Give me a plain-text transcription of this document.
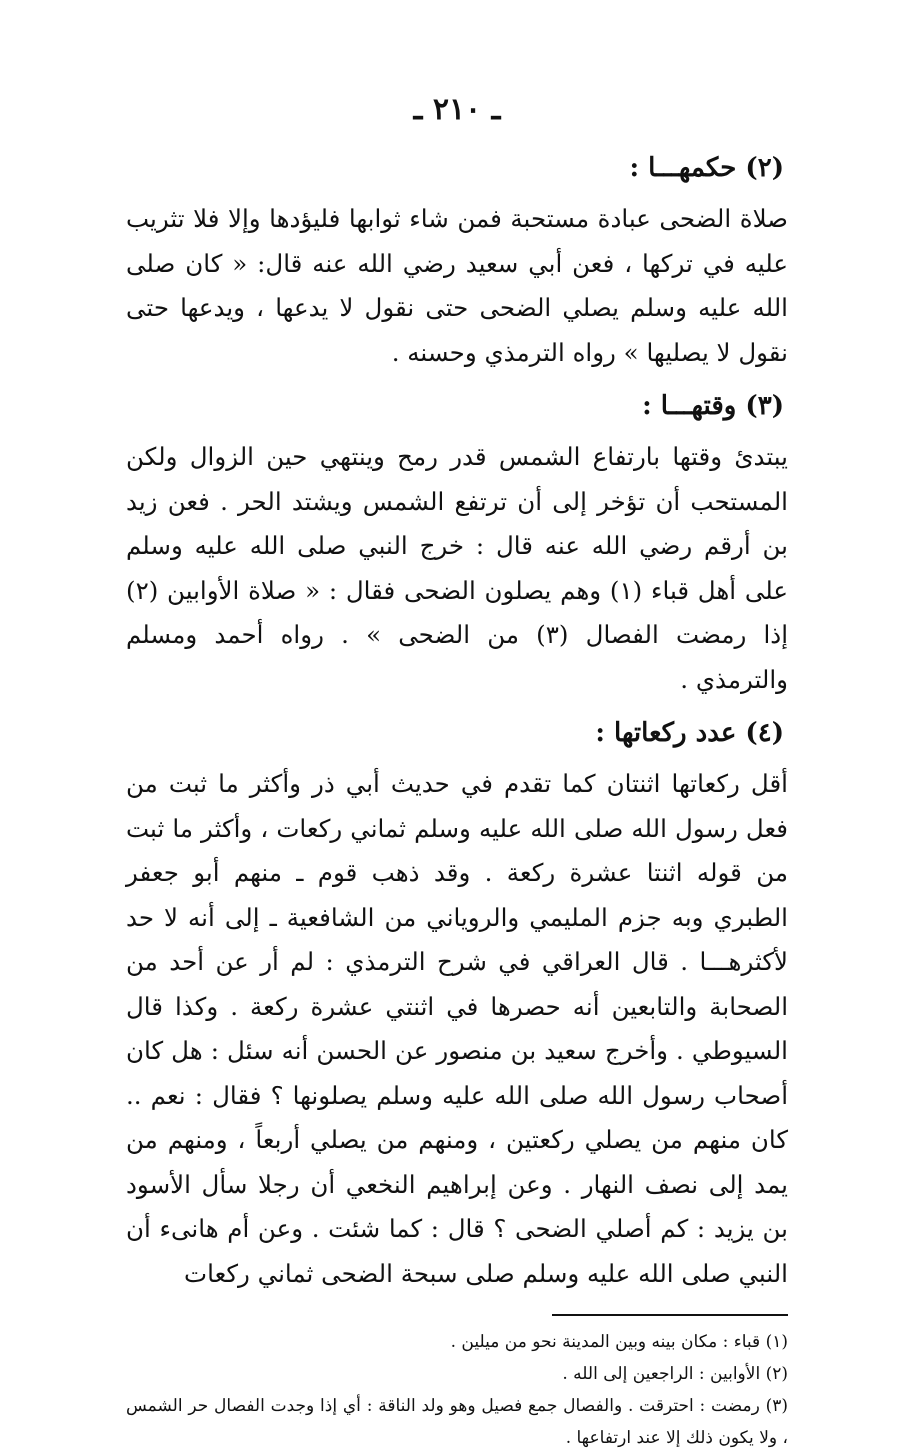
ـ ٢١٠ ـ
(٢) حكمهـــا :

صلاة الضحى عبادة مستحبة فمن شاء ثوابها فليؤدها وإلا فلا تثريب عليه في تركها ، فعن أبي سعيد رضي الله عنه قال: « كان صلى الله عليه وسلم يصلي الضحى حتى نقول لا يدعها ، ويدعها حتى نقول لا يصليها » رواه الترمذي وحسنه .

(٣) وقتهـــا :

يبتدئ وقتها بارتفاع الشمس قدر رمح وينتهي حين الزوال ولكن المستحب أن تؤخر إلى أن ترتفع الشمس ويشتد الحر . فعن زيد بن أرقم رضي الله عنه قال : خرج النبي صلى الله عليه وسلم على أهل قباء (١) وهم يصلون الضحى فقال : « صلاة الأوابين (٢) إذا رمضت الفصال (٣) من الضحى » . رواه أحمد ومسلم والترمذي .

(٤) عدد ركعاتها :

أقل ركعاتها اثنتان كما تقدم في حديث أبي ذر وأكثر ما ثبت من فعل رسول الله صلى الله عليه وسلم ثماني ركعات ، وأكثر ما ثبت من قوله اثنتا عشرة ركعة . وقد ذهب قوم ـ منهم أبو جعفر الطبري وبه جزم المليمي والروياني من الشافعية ـ إلى أنه لا حد لأكثرهـــا . قال العراقي في شرح الترمذي : لم أر عن أحد من الصحابة والتابعين أنه حصرها في اثنتي عشرة ركعة . وكذا قال السيوطي . وأخرج سعيد بن منصور عن الحسن أنه سئل : هل كان أصحاب رسول الله صلى الله عليه وسلم يصلونها ؟ فقال : نعم .. كان منهم من يصلي ركعتين ، ومنهم من يصلي أربعاً ، ومنهم من يمد إلى نصف النهار . وعن إبراهيم النخعي أن رجلا سأل الأسود بن يزيد : كم أصلي الضحى ؟ قال : كما شئت . وعن أم هانىء أن النبي صلى الله عليه وسلم صلى سبحة الضحى ثماني ركعات

(١) قباء : مكان بينه وبين المدينة نحو من ميلين .

(٢) الأوابين : الراجعين إلى الله .

(٣) رمضت : احترقت . والفصال جمع فصيل وهو ولد الناقة : أي إذا وجدت الفصال حر الشمس ، ولا يكون ذلك إلا عند ارتفاعها .
